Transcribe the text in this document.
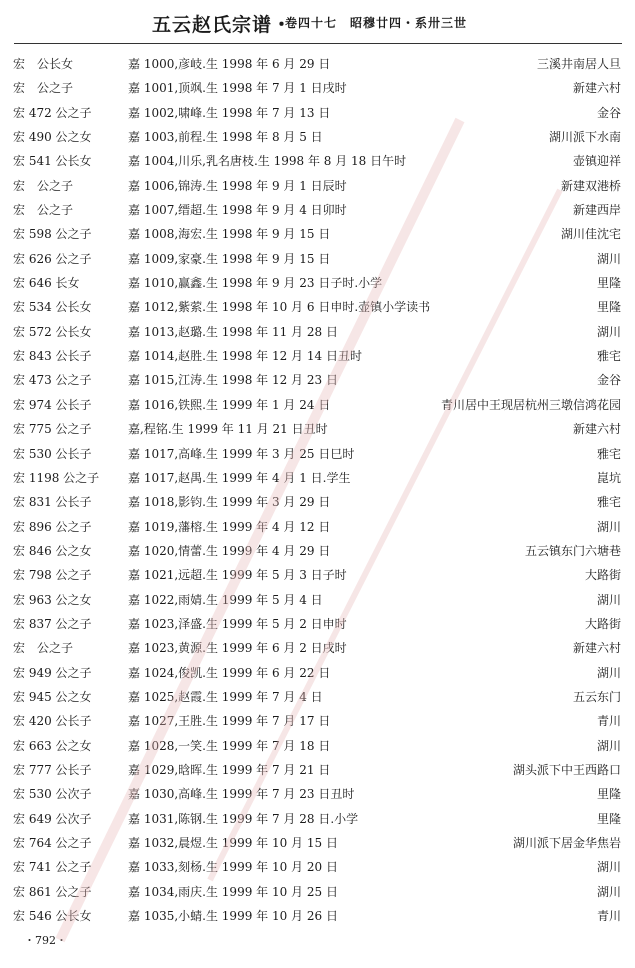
五云赵氏宗谱・
卷四十七　昭穆廿四・系卅三世
宏　公长女	嘉 1000,彦岐.生 1998 年 6 月 29 日	三溪井南居人旦
宏　公之子	嘉 1001,顶飒.生 1998 年 7 月 1 日戌时	新建六村
宏 472 公之子	嘉 1002,啸峰.生 1998 年 7 月 13 日	金谷
宏 490 公之女	嘉 1003,前程.生 1998 年 8 月 5 日	湖川派下水南
宏 541 公长女	嘉 1004,川乐,乳名唐枝.生 1998 年 8 月 18 日午时	壶镇迎祥
宏　公之子	嘉 1006,锦涛.生 1998 年 9 月 1 日辰时	新建双港桥
宏　公之子	嘉 1007,缙超.生 1998 年 9 月 4 日卯时	新建西岸
宏 598 公之子	嘉 1008,海宏.生 1998 年 9 月 15 日	湖川佳沈宅
宏 626 公之子	嘉 1009,家豪.生 1998 年 9 月 15 日	湖川
宏 646 长女	嘉 1010,赢鑫.生 1998 年 9 月 23 日子时.小学	里隆
宏 534 公长女	嘉 1012,紫萦.生 1998 年 10 月 6 日申时.壶镇小学读书	里隆
宏 572 公长女	嘉 1013,赵璐.生 1998 年 11 月 28 日	湖川
宏 843 公长子	嘉 1014,赵胜.生 1998 年 12 月 14 日丑时	雅宅
宏 473 公之子	嘉 1015,江涛.生 1998 年 12 月 23 日	金谷
宏 974 公长子	嘉 1016,铁熙.生 1999 年 1 月 24 日	青川居中王现居杭州三墩信鸿花园
宏 775 公之子	嘉,程铭.生 1999 年 11 月 21 日丑时	新建六村
宏 530 公长子	嘉 1017,高峰.生 1999 年 3 月 25 日巳时	雅宅
宏 1198 公之子	嘉 1017,赵禺.生 1999 年 4 月 1 日.学生	崑坑
宏 831 公长子	嘉 1018,影钧.生 1999 年 3 月 29 日	雅宅
宏 896 公之子	嘉 1019,藩榕.生 1999 年 4 月 12 日	湖川
宏 846 公之女	嘉 1020,情蕾.生 1999 年 4 月 29 日	五云镇东门六塘巷
宏 798 公之子	嘉 1021,远超.生 1999 年 5 月 3 日子时	大路街
宏 963 公之女	嘉 1022,雨婧.生 1999 年 5 月 4 日	湖川
宏 837 公之子	嘉 1023,泽盛.生 1999 年 5 月 2 日申时	大路街
宏　公之子	嘉 1023,黄源.生 1999 年 6 月 2 日戌时	新建六村
宏 949 公之子	嘉 1024,俊凯.生 1999 年 6 月 22 日	湖川
宏 945 公之女	嘉 1025,赵霞.生 1999 年 7 月 4 日	五云东门
宏 420 公长子	嘉 1027,王胜.生 1999 年 7 月 17 日	青川
宏 663 公之女	嘉 1028,一笑.生 1999 年 7 月 18 日	湖川
宏 777 公长子	嘉 1029,晗晖.生 1999 年 7 月 21 日	湖头派下中王西路口
宏 530 公次子	嘉 1030,高峰.生 1999 年 7 月 23 日丑时	里隆
宏 649 公次子	嘉 1031,陈钢.生 1999 年 7 月 28 日.小学	里隆
宏 764 公之子	嘉 1032,晨煜.生 1999 年 10 月 15 日	湖川派下居金华焦岩
宏 741 公之子	嘉 1033,刻杨.生 1999 年 10 月 20 日	湖川
宏 861 公之子	嘉 1034,雨庆.生 1999 年 10 月 25 日	湖川
宏 546 公长女	嘉 1035,小蜻.生 1999 年 10 月 26 日	青川
・792・
